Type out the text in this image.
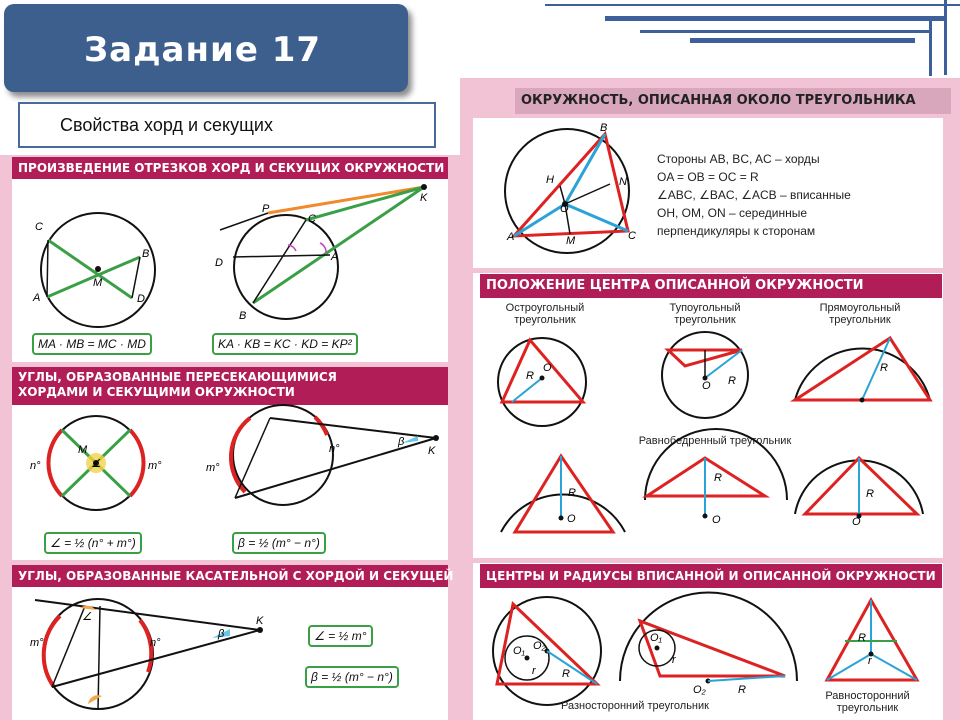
ПРОИЗВЕДЕНИЕ ОТРЕЗКОВ ХОРД И СЕКУЩИХ ОКРУЖНОСТИ
C
B
M
A	D
P
C
K
D	A
B
MA · MB = MC · MD	KA · KB = KC · KD = KP²
УГЛЫ, ОБРАЗОВАННЫЕ ПЕРЕСЕКАЮЩИМИСЯ ХОРДАМИ И СЕКУЩИМИ ОКРУЖНОСТИ
M
∠
n°	m°	m°
n°
β
K
∠ = ½ (n° + m°)	β = ½ (m° − n°)
УГЛЫ, ОБРАЗОВАННЫЕ КАСАТЕЛЬНОЙ С ХОРДОЙ И СЕКУЩЕЙ
∠
m°	n°
β
K
∠ = ½ m°
β = ½ (m° − n°)
ОКРУЖНОСТЬ, ОПИСАННАЯ ОКОЛО ТРЕУГОЛЬНИКА
B
H	N
O
A	M	C
Стороны AB, BC, AC – хорды
OA = OB = OC = R
∠ABC, ∠BAC, ∠ACB – вписанные
OH, OM, ON – серединные
перпендикуляры к сторонам
ПОЛОЖЕНИЕ ЦЕНТРА ОПИСАННОЙ ОКРУЖНОСТИ
Остроугольный треугольник
Тупоугольный треугольник
Прямоугольный треугольник
R
O
R
O
R
Равнобедренный треугольник
R
O
R
O
R
O
ЦЕНТРЫ И РАДИУСЫ ВПИСАННОЙ И ОПИСАННОЙ ОКРУЖНОСТИ
O₁ O₂
r R
O₁
r
O₂	R
R
r
Разносторонний треугольник
Равносторонний треугольник
Задание 17
Свойства хорд и секущих
